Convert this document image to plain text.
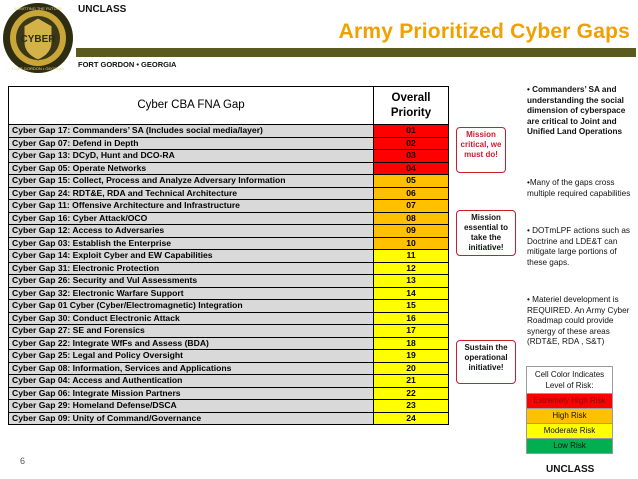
CYBER
ADMITTING THE FUTURE
FORT GORDON • GEORGIA
UNCLASS
FORT GORDON • GEORGIA
Army Prioritized Cyber Gaps
Cyber CBA FNA Gap	Overall Priority
Cyber Gap 17: Commanders’ SA (Includes social media/layer)	01
Cyber Gap 07: Defend in Depth	02
Cyber Gap 13: DCyD, Hunt and DCO-RA	03
Cyber Gap 05: Operate Networks	04
Cyber Gap 15: Collect, Process and Analyze Adversary Information	05
Cyber Gap 24: RDT&E, RDA and Technical Architecture	06
Cyber Gap 11: Offensive Architecture and Infrastructure	07
Cyber Gap 16: Cyber Attack/OCO	08
Cyber Gap 12: Access to Adversaries	09
Cyber Gap 03: Establish the Enterprise	10
Cyber Gap 14: Exploit Cyber and EW Capabilities	11
Cyber Gap 31: Electronic Protection	12
Cyber Gap 26: Security and Vul Assessments	13
Cyber Gap 32: Electronic Warfare Support	14
Cyber Gap 01 Cyber (Cyber/Electromagnetic) Integration	15
Cyber Gap 30: Conduct Electronic Attack	16
Cyber Gap 27: SE and Forensics	17
Cyber Gap 22: Integrate WfFs and Assess (BDA)	18
Cyber Gap 25: Legal and Policy Oversight	19
Cyber Gap 08: Information, Services and Applications	20
Cyber Gap 04: Access and Authentication	21
Cyber Gap 06: Integrate Mission Partners	22
Cyber Gap 29: Homeland Defense/DSCA	23
Cyber Gap 09: Unity of Command/Governance	24
Mission critical, we must do!
Mission essential to take the initiative!
Sustain the operational initiative!
• Commanders’ SA and understanding the social dimension of cyberspace are critical to Joint and Unified Land Operations
•Many of the gaps cross multiple required capabilities
• DOTmLPF actions such as Doctrine and LDE&T can mitigate large portions of these gaps.
• Materiel development is REQUIRED. An Army Cyber Roadmap could provide synergy of these areas (RDT&E, RDA , S&T)
Cell Color Indicates Level of Risk:
Extremely High Risk
High Risk
Moderate Risk
Low Risk
6
UNCLASS
